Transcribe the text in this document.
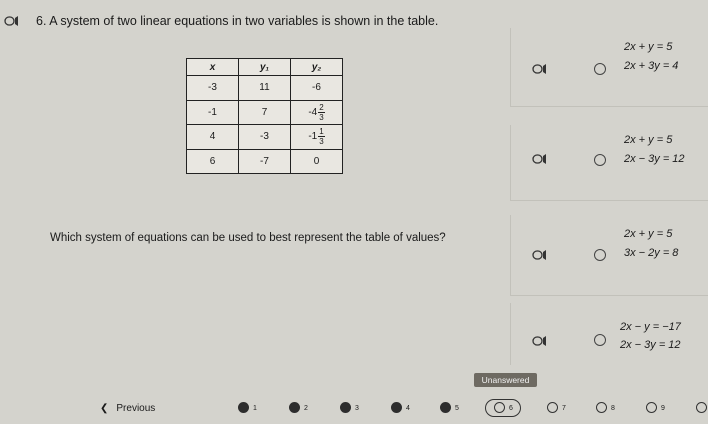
6. A system of two linear equations in two variables is shown in the table.
x	y₁	y₂
-3	11	-6
-1	7	$-4 \frac{2}{3}$

4	-3	$-1 \frac{1}{3}$

6	-7	0
Which system of equations can be used to best represent the table of values?
2x + y = 5
2x + 3y = 4
2x + y = 5
2x − 3y = 12
2x + y = 5
3x − 2y = 8
2x − y = −17
2x − 3y = 12
Unanswered
❮ Previous	1	2	3	4	5	6	7	8	9
